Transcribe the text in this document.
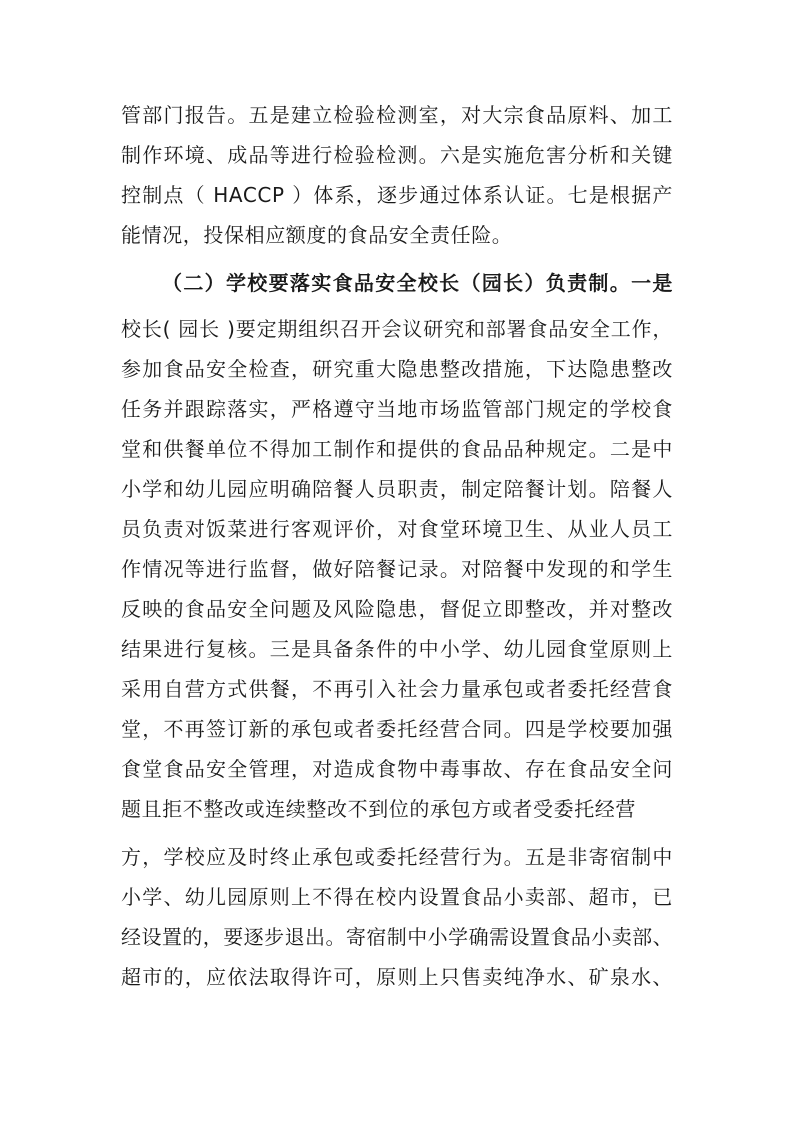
管部门报告。五是建立检验检测室，对大宗食品原料、加工
制作环境、成品等进行检验检测。六是实施危害分析和关键
控制点（ HACCP ）体系，逐步通过体系认证。七是根据产
能情况，投保相应额度的食品安全责任险。
（二）学校要落实食品安全校长（园长）负责制。一是
校长( 园长 )要定期组织召开会议研究和部署食品安全工作，
参加食品安全检查，研究重大隐患整改措施，下达隐患整改
任务并跟踪落实，严格遵守当地市场监管部门规定的学校食
堂和供餐单位不得加工制作和提供的食品品种规定。二是中
小学和幼儿园应明确陪餐人员职责，制定陪餐计划。陪餐人
员负责对饭菜进行客观评价，对食堂环境卫生、从业人员工
作情况等进行监督，做好陪餐记录。对陪餐中发现的和学生
反映的食品安全问题及风险隐患，督促立即整改，并对整改
结果进行复核。三是具备条件的中小学、幼儿园食堂原则上
采用自营方式供餐，不再引入社会力量承包或者委托经营食
堂，不再签订新的承包或者委托经营合同。四是学校要加强
食堂食品安全管理，对造成食物中毒事故、存在食品安全问
题且拒不整改或连续整改不到位的承包方或者受委托经营
方，学校应及时终止承包或委托经营行为。五是非寄宿制中
小学、幼儿园原则上不得在校内设置食品小卖部、超市，已
经设置的，要逐步退出。寄宿制中小学确需设置食品小卖部、
超市的，应依法取得许可，原则上只售卖纯净水、矿泉水、
